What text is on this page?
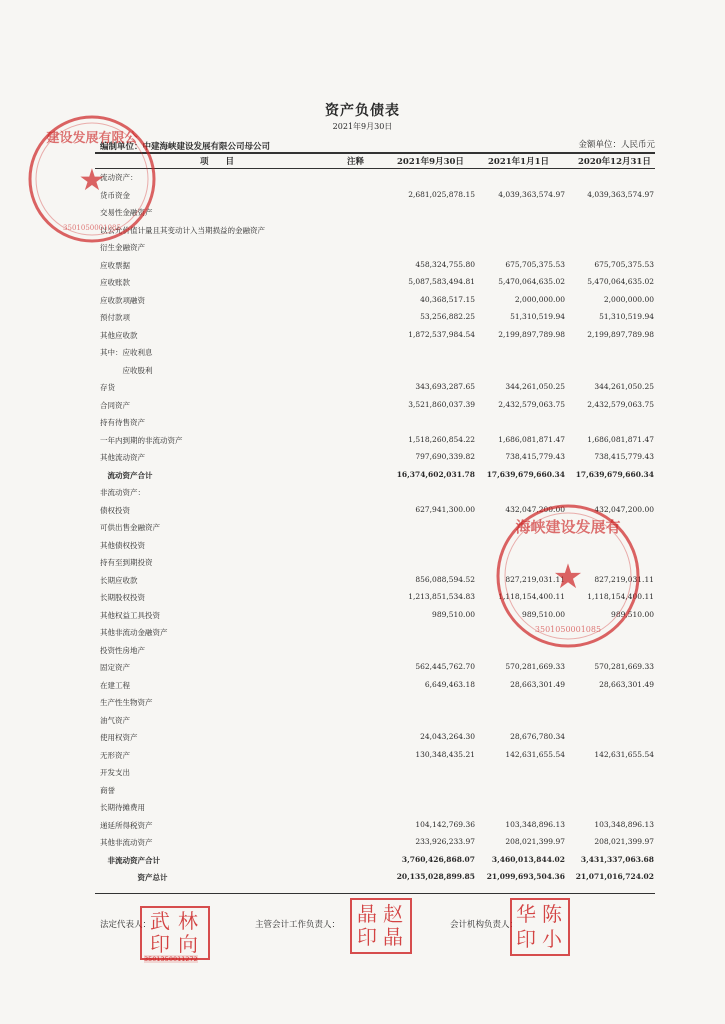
资产负债表
2021年9月30日
编制单位：中建海峡建设发展有限公司母公司	金额单位：人民币元
项　　目	注释	2021年9月30日	2021年1月1日	2020年12月31日
流动资产：
货币资金	2,681,025,878.15	4,039,363,574.97	4,039,363,574.97
交易性金融资产
以公允价值计量且其变动计入当期损益的金融资产
衍生金融资产
应收票据	458,324,755.80	675,705,375.53	675,705,375.53
应收账款	5,087,583,494.81	5,470,064,635.02	5,470,064,635.02
应收款项融资	40,368,517.15	2,000,000.00	2,000,000.00
预付款项	53,256,882.25	51,310,519.94	51,310,519.94
其他应收款	1,872,537,984.54	2,199,897,789.98	2,199,897,789.98
其中：应收利息
　　　应收股利
存货	343,693,287.65	344,261,050.25	344,261,050.25
合同资产	3,521,860,037.39	2,432,579,063.75	2,432,579,063.75
持有待售资产
一年内到期的非流动资产	1,518,260,854.22	1,686,081,871.47	1,686,081,871.47
其他流动资产	797,690,339.82	738,415,779.43	738,415,779.43
　流动资产合计	16,374,602,031.78	17,639,679,660.34	17,639,679,660.34
非流动资产：
债权投资	627,941,300.00	432,047,200.00	432,047,200.00
可供出售金融资产
其他债权投资
持有至到期投资
长期应收款	856,088,594.52	827,219,031.11	827,219,031.11
长期股权投资	1,213,851,534.83	1,118,154,400.11	1,118,154,400.11
其他权益工具投资	989,510.00	989,510.00	989,510.00
其他非流动金融资产
投资性房地产
固定资产	562,445,762.70	570,281,669.33	570,281,669.33
在建工程	6,649,463.18	28,663,301.49	28,663,301.49
生产性生物资产
油气资产
使用权资产	24,043,264.30	28,676,780.34
无形资产	130,348,435.21	142,631,655.54	142,631,655.54
开发支出
商誉
长期待摊费用
递延所得税资产	104,142,769.36	103,348,896.13	103,348,896.13
其他非流动资产	233,926,233.97	208,021,399.97	208,021,399.97
　非流动资产合计	3,760,426,868.07	3,460,013,844.02	3,431,337,063.68
　　　　　资产总计	20,135,028,899.85	21,099,693,504.36	21,071,016,724.02
法定代表人：	主管会计工作负责人：	会计机构负责人：
★
建设发展有限公
3501050001085
★
海峡建设发展有
3501050001085
武 林
印 向
3501350011272
晶 赵
印 晶
华 陈
印 小
